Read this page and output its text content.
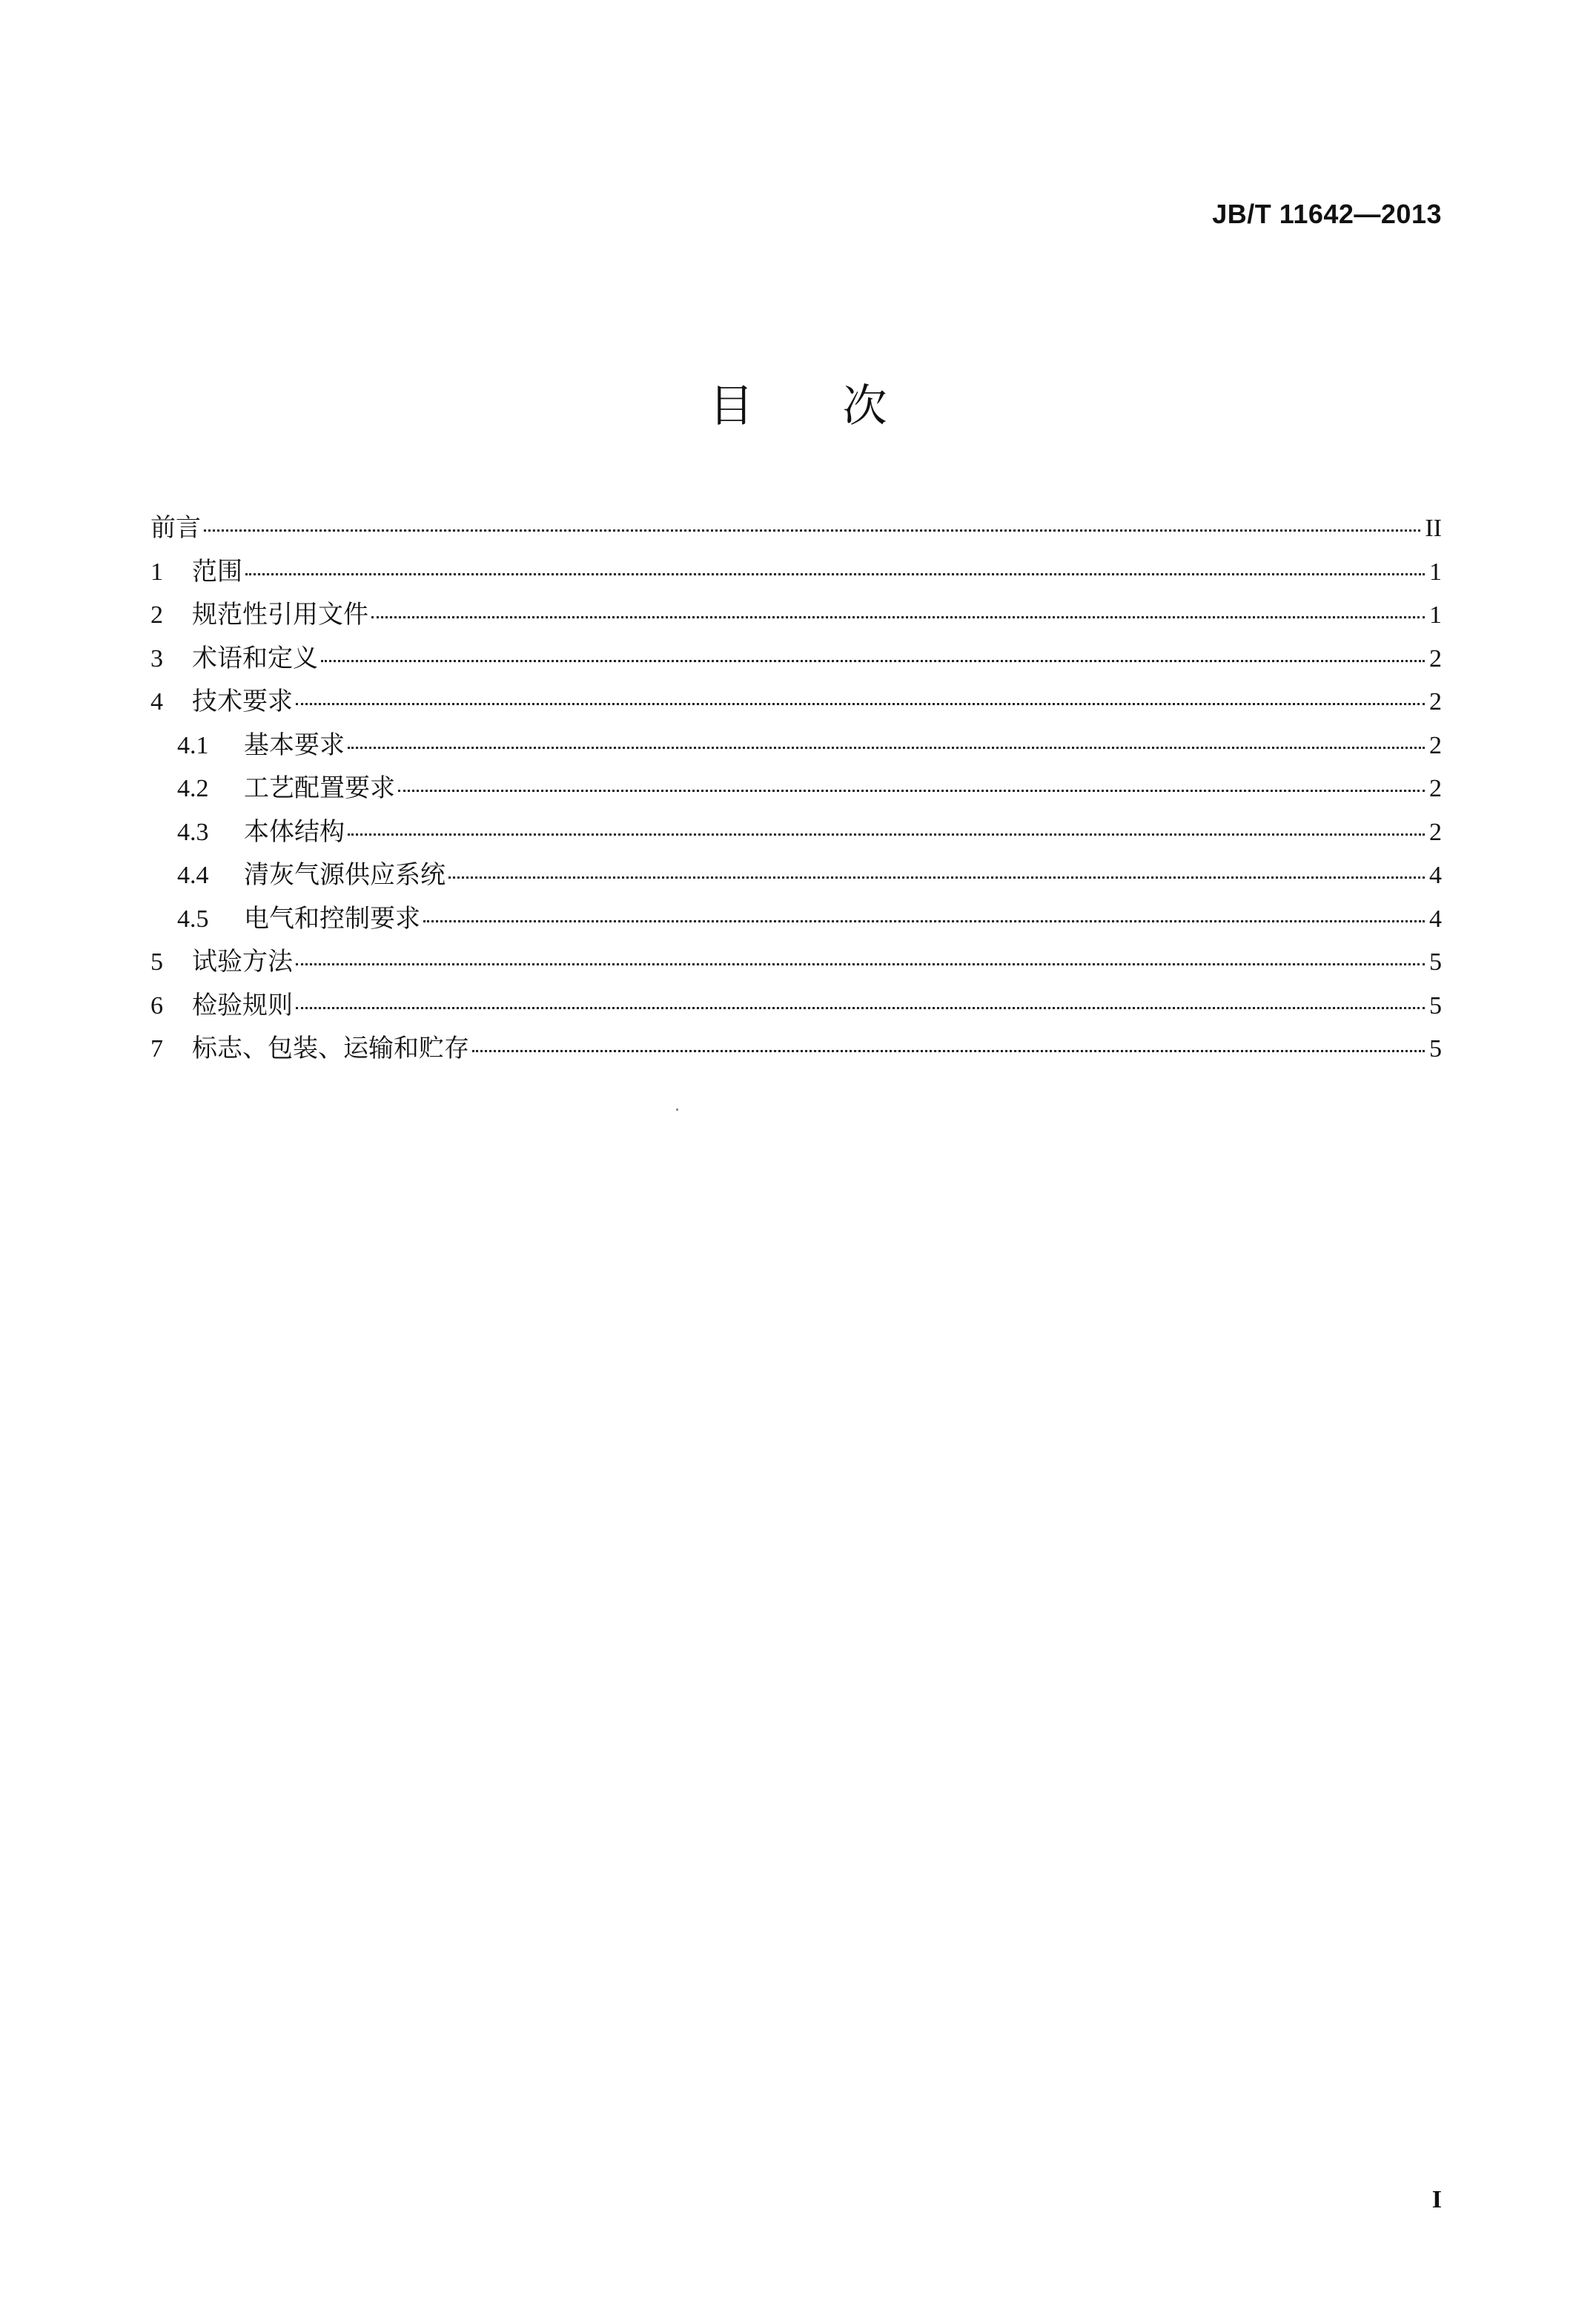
JB/T 11642—2013
目　　次
前言	II
1	范围	1
2	规范性引用文件	1
3	术语和定义	2
4	技术要求	2
4.1	基本要求	2
4.2	工艺配置要求	2
4.3	本体结构	2
4.4	清灰气源供应系统	4
4.5	电气和控制要求	4
5	试验方法	5
6	检验规则	5
7	标志、包装、运输和贮存	5
I
